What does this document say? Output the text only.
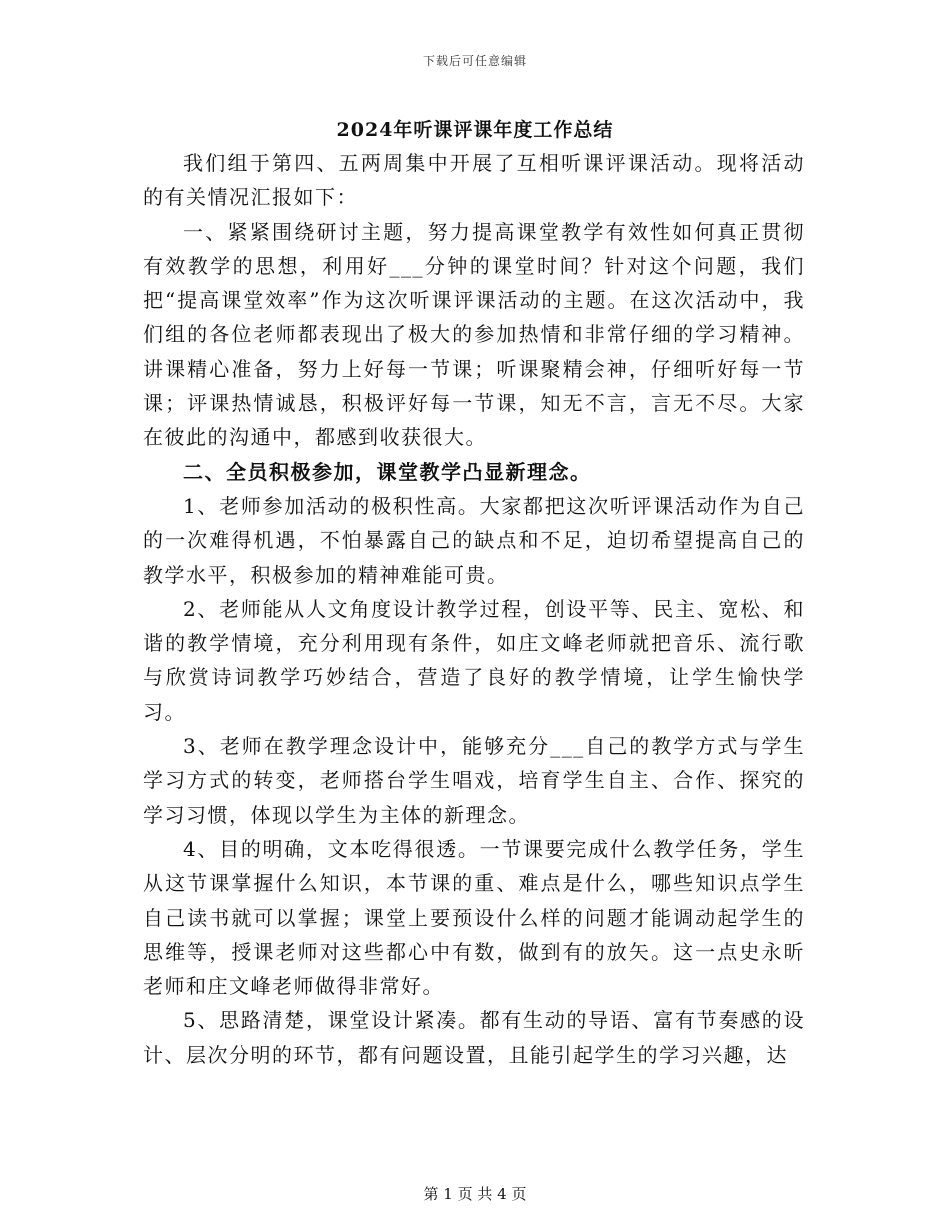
下载后可任意编辑
2024年听课评课年度工作总结

我们组于第四、五两周集中开展了互相听课评课活动。现将活动的有关情况汇报如下：

一、紧紧围绕研讨主题，努力提高课堂教学有效性如何真正贯彻有效教学的思想，利用好___分钟的课堂时间？针对这个问题，我们把“提高课堂效率”作为这次听课评课活动的主题。在这次活动中，我们组的各位老师都表现出了极大的参加热情和非常仔细的学习精神。讲课精心准备，努力上好每一节课；听课聚精会神，仔细听好每一节课；评课热情诚恳，积极评好每一节课，知无不言，言无不尽。大家在彼此的沟通中，都感到收获很大。

二、全员积极参加，课堂教学凸显新理念。

1、老师参加活动的极积性高。大家都把这次听评课活动作为自己的一次难得机遇，不怕暴露自己的缺点和不足，迫切希望提高自己的教学水平，积极参加的精神难能可贵。

2、老师能从人文角度设计教学过程，创设平等、民主、宽松、和谐的教学情境，充分利用现有条件，如庄文峰老师就把音乐、流行歌与欣赏诗词教学巧妙结合，营造了良好的教学情境，让学生愉快学习。

3、老师在教学理念设计中，能够充分___自己的教学方式与学生学习方式的转变，老师搭台学生唱戏，培育学生自主、合作、探究的学习习惯，体现以学生为主体的新理念。

4、目的明确，文本吃得很透。一节课要完成什么教学任务，学生从这节课掌握什么知识，本节课的重、难点是什么，哪些知识点学生自己读书就可以掌握；课堂上要预设什么样的问题才能调动起学生的思维等，授课老师对这些都心中有数，做到有的放矢。这一点史永昕老师和庄文峰老师做得非常好。

5、思路清楚，课堂设计紧凑。都有生动的导语、富有节奏感的设计、层次分明的环节，都有问题设置，且能引起学生的学习兴趣，达

第 1 页 共 4 页
